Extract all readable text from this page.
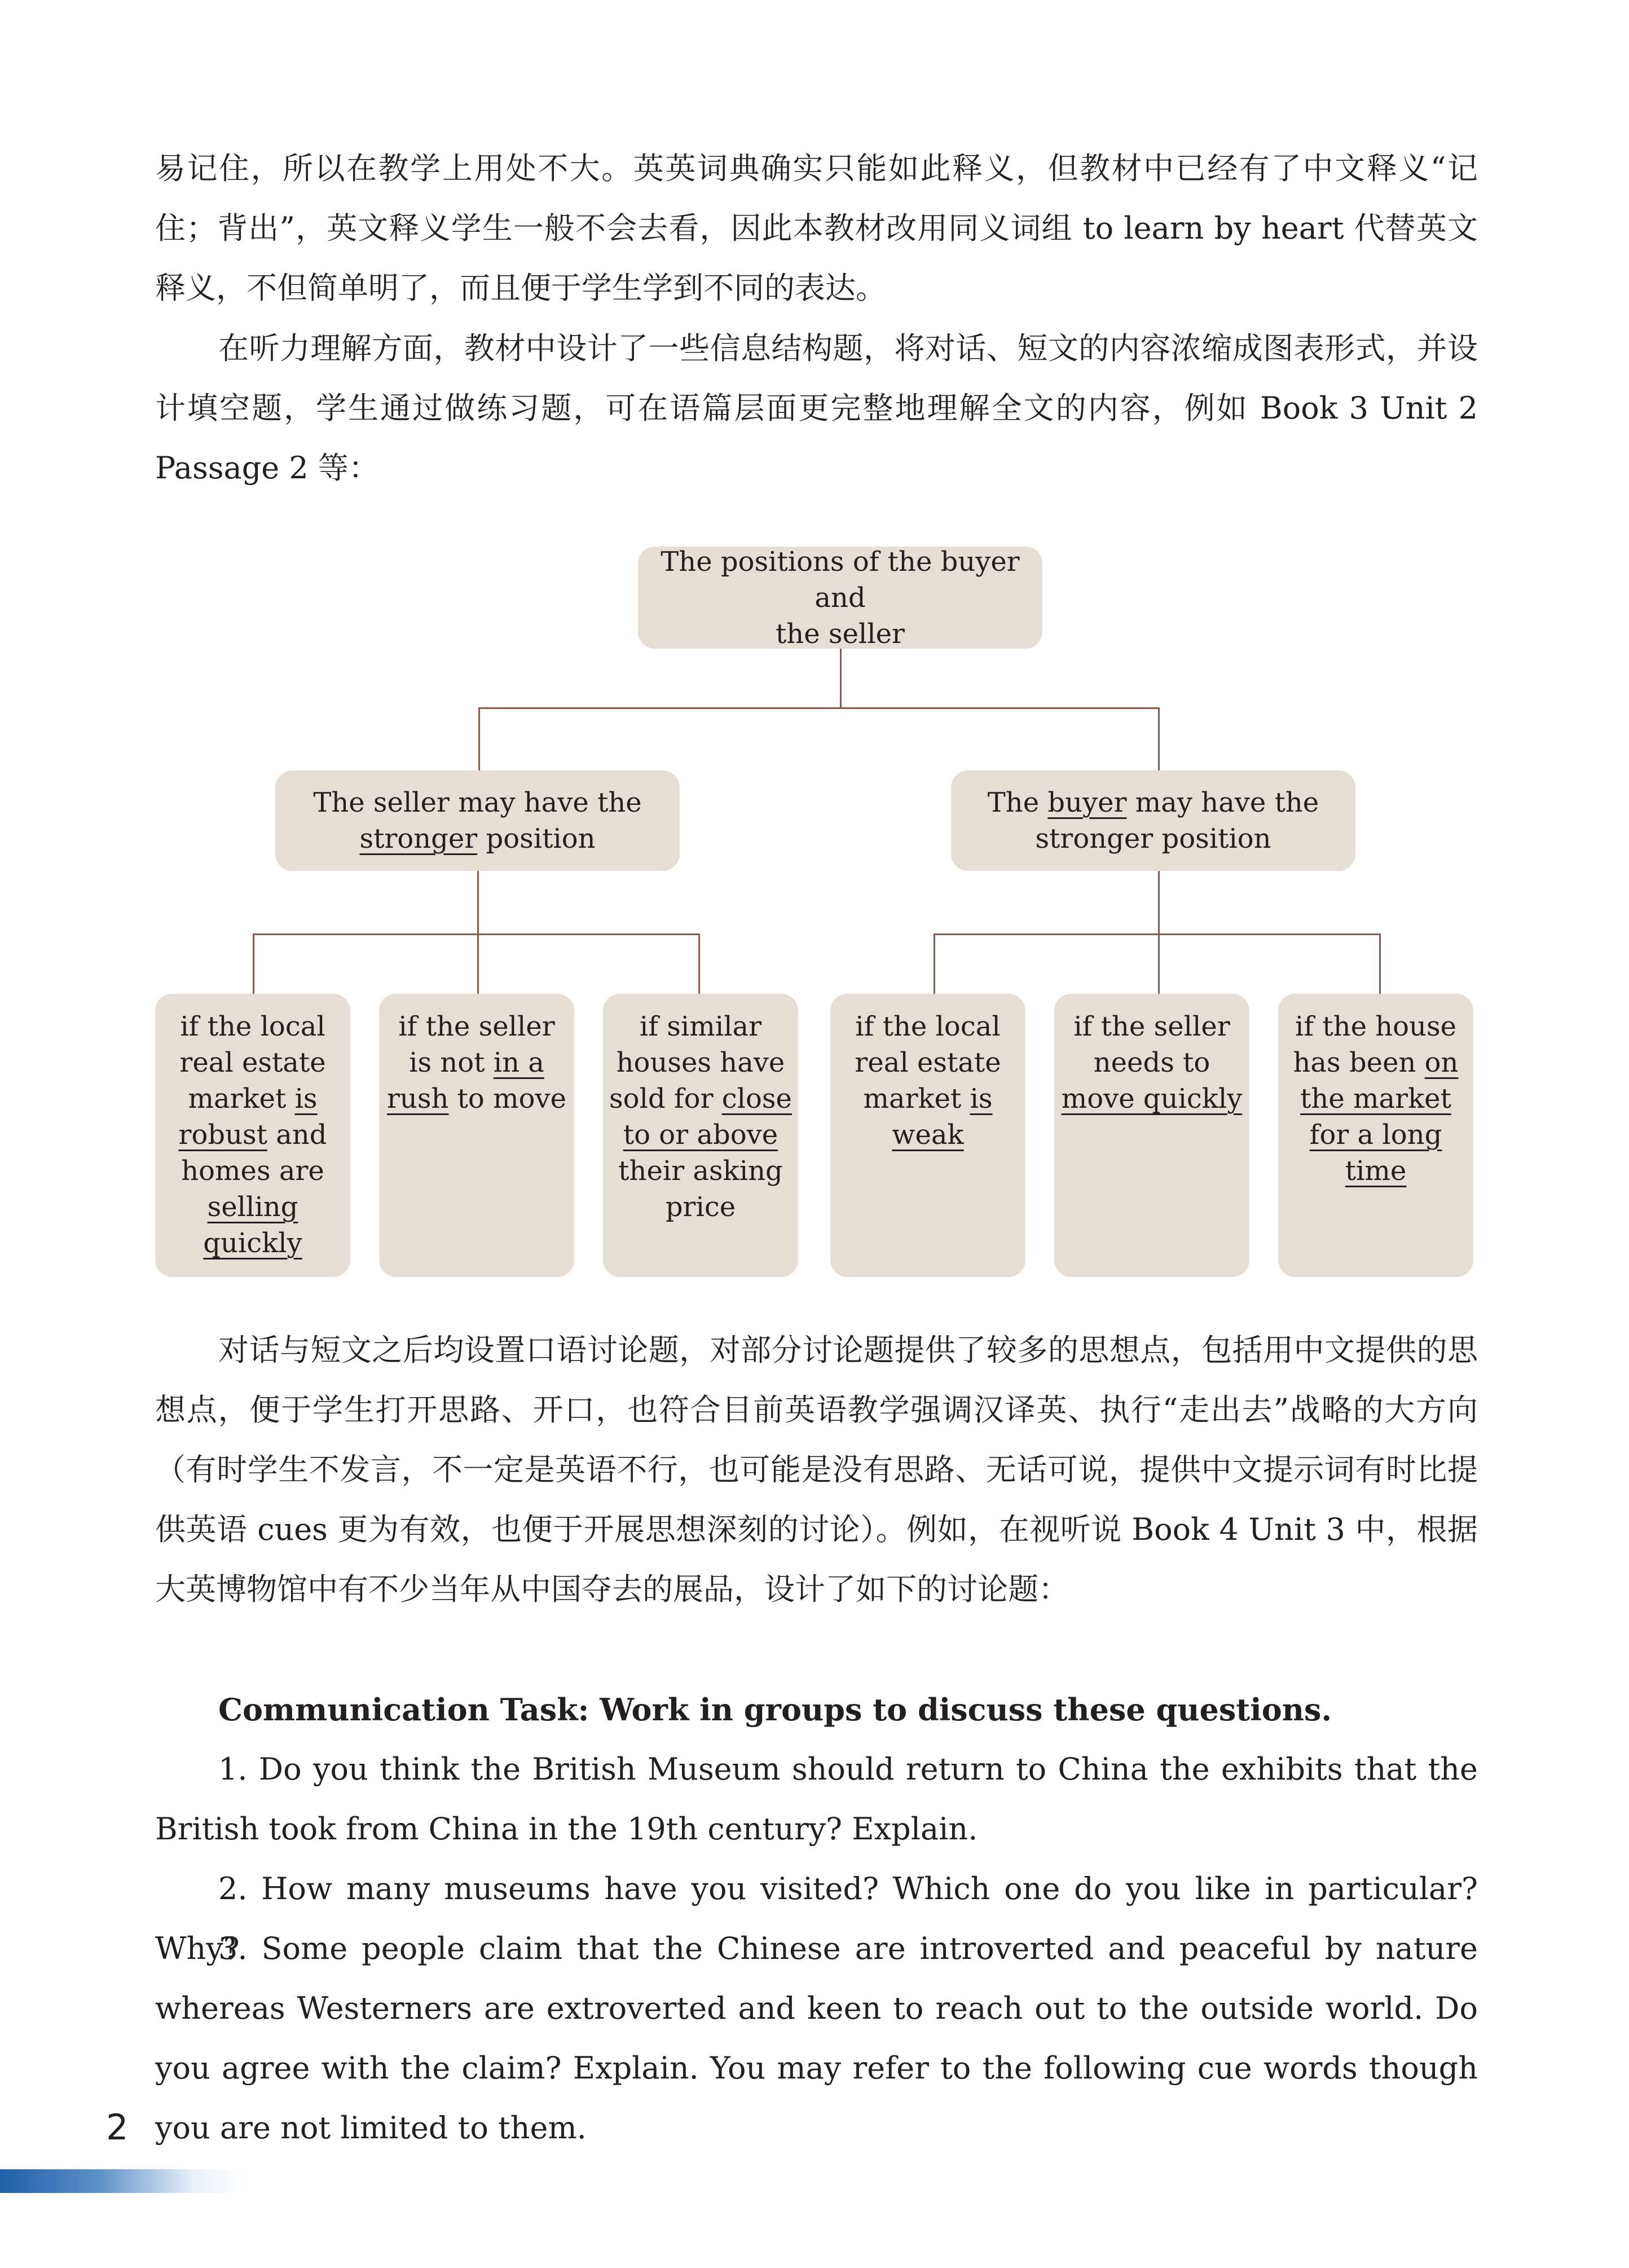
易记住，所以在教学上用处不大。英英词典确实只能如此释义，但教材中已经有了中文释义“记住；背出”，英文释义学生一般不会去看，因此本教材改用同义词组 to learn by heart 代替英文释义，不但简单明了，而且便于学生学到不同的表达。

在听力理解方面，教材中设计了一些信息结构题，将对话、短文的内容浓缩成图表形式，并设计填空题，学生通过做练习题，可在语篇层面更完整地理解全文的内容，例如 Book 3 Unit 2 Passage 2 等：

The positions of the buyer and
the seller
The seller may have the
stronger position
The buyer may have the
stronger position
if the local
real estate
market is
robust and
homes are
selling
quickly
if the seller
is not in a
rush to move
if similar
houses have
sold for close
to or above
their asking
price
if the local
real estate
market is
weak
if the seller
needs to
move quickly
if the house
has been on
the market
for a long
time

对话与短文之后均设置口语讨论题，对部分讨论题提供了较多的思想点，包括用中文提供的思想点，便于学生打开思路、开口，也符合目前英语教学强调汉译英、执行“走出去”战略的大方向（有时学生不发言，不一定是英语不行，也可能是没有思路、无话可说，提供中文提示词有时比提供英语 cues 更为有效，也便于开展思想深刻的讨论）。例如，在视听说 Book 4 Unit 3 中，根据大英博物馆中有不少当年从中国夺去的展品，设计了如下的讨论题：

Communication Task: Work in groups to discuss these questions.

1. Do you think the British Museum should return to China the exhibits that the British took from China in the 19th century? Explain.

2. How many museums have you visited? Which one do you like in particular? Why?

3. Some people claim that the Chinese are introverted and peaceful by nature whereas Westerners are extroverted and keen to reach out to the outside world. Do you agree with the claim? Explain. You may refer to the following cue words though you are not limited to them.

2
